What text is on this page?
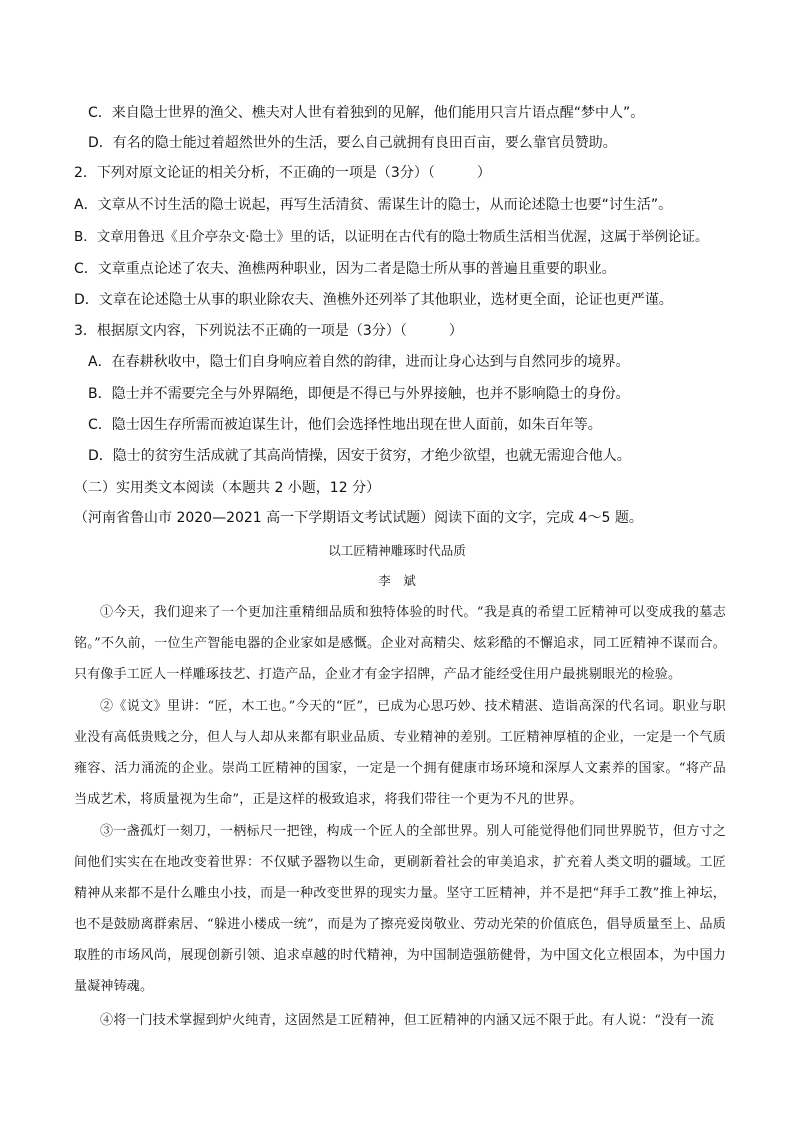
C．来自隐士世界的渔父、樵夫对人世有着独到的见解，他们能用只言片语点醒“梦中人”。
D．有名的隐士能过着超然世外的生活，要么自己就拥有良田百亩，要么靠官员赞助。
2．下列对原文论证的相关分析，不正确的一项是（3分）（　　　）
A．文章从不讨生活的隐士说起，再写生活清贫、需谋生计的隐士，从而论述隐士也要“讨生活”。
B．文章用鲁迅《且介亭杂文·隐士》里的话，以证明在古代有的隐士物质生活相当优渥，这属于举例论证。
C．文章重点论述了农夫、渔樵两种职业，因为二者是隐士所从事的普遍且重要的职业。
D．文章在论述隐士从事的职业除农夫、渔樵外还列举了其他职业，选材更全面，论证也更严谨。
3．根据原文内容，下列说法不正确的一项是（3分）（　　　）
A．在春耕秋收中，隐士们自身响应着自然的韵律，进而让身心达到与自然同步的境界。
B．隐士并不需要完全与外界隔绝，即便是不得已与外界接触，也并不影响隐士的身份。
C．隐士因生存所需而被迫谋生计，他们会选择性地出现在世人面前，如朱百年等。
D．隐士的贫穷生活成就了其高尚情操，因安于贫穷，才绝少欲望，也就无需迎合他人。
（二）实用类文本阅读（本题共 2 小题，12 分）
（河南省鲁山市 2020—2021 高一下学期语文考试试题）阅读下面的文字，完成 4～5 题。
以工匠精神雕琢时代品质
李　斌
①今天，我们迎来了一个更加注重精细品质和独特体验的时代。“我是真的希望工匠精神可以变成我的墓志铭。”不久前，一位生产智能电器的企业家如是感慨。企业对高精尖、炫彩酷的不懈追求，同工匠精神不谋而合。只有像手工匠人一样雕琢技艺、打造产品，企业才有金字招牌，产品才能经受住用户最挑剔眼光的检验。
②《说文》里讲：“匠，木工也。”今天的“匠”，已成为心思巧妙、技术精湛、造诣高深的代名词。职业与职业没有高低贵贱之分，但人与人却从来都有职业品质、专业精神的差别。工匠精神厚植的企业，一定是一个气质雍容、活力涌流的企业。崇尚工匠精神的国家，一定是一个拥有健康市场环境和深厚人文素养的国家。“将产品当成艺术，将质量视为生命”，正是这样的极致追求，将我们带往一个更为不凡的世界。
③一盏孤灯一刻刀，一柄标尺一把锉，构成一个匠人的全部世界。别人可能觉得他们同世界脱节，但方寸之间他们实实在在地改变着世界：不仅赋予器物以生命，更刷新着社会的审美追求，扩充着人类文明的疆域。工匠精神从来都不是什么雕虫小技，而是一种改变世界的现实力量。坚守工匠精神，并不是把“拜手工教”推上神坛，也不是鼓励离群索居、“躲进小楼成一统”，而是为了擦亮爱岗敬业、劳动光荣的价值底色，倡导质量至上、品质取胜的市场风尚，展现创新引领、追求卓越的时代精神，为中国制造强筋健骨，为中国文化立根固本，为中国力量凝神铸魂。
④将一门技术掌握到炉火纯青，这固然是工匠精神，但工匠精神的内涵又远不限于此。有人说：“没有一流
